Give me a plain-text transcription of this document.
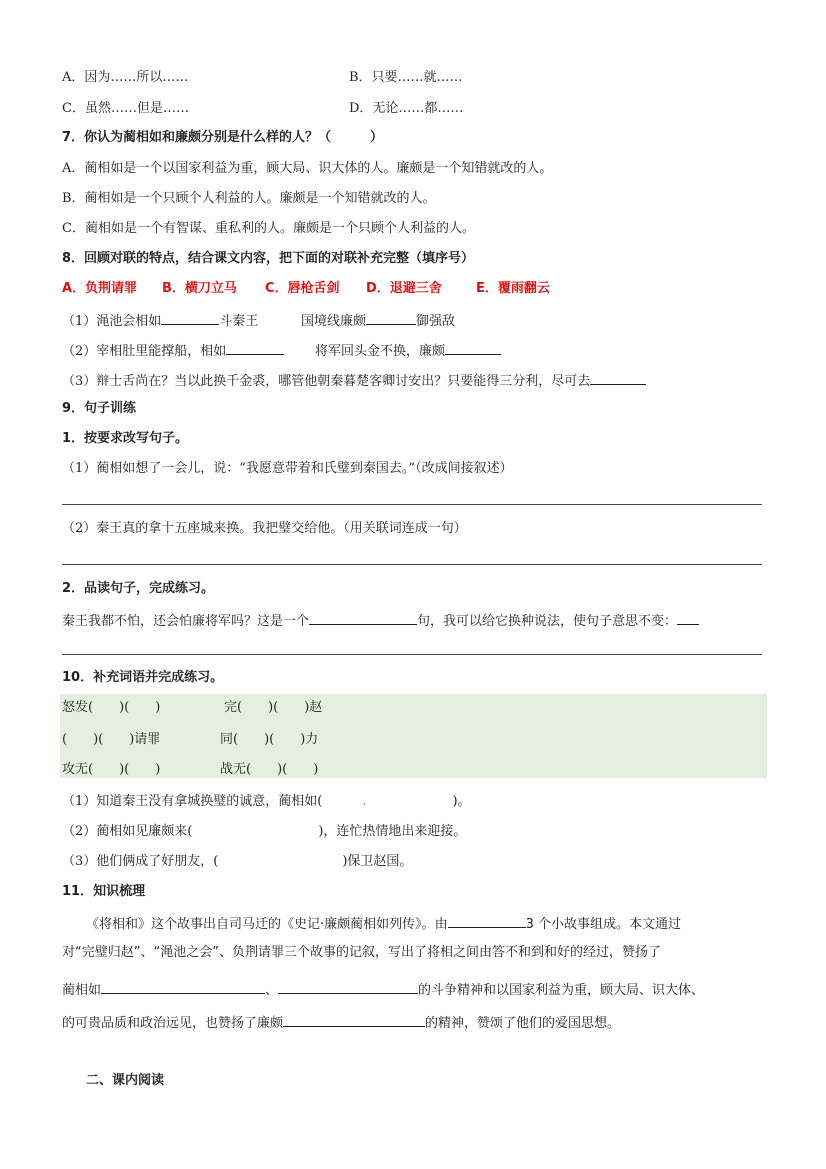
A．因为……所以……	B．只要……就……
C．虽然……但是……	D．无论……都……
7．你认为蔺相如和廉颇分别是什么样的人？（　　　）
A．蔺相如是一个以国家利益为重，顾大局、识大体的人。廉颇是一个知错就改的人。
B．蔺相如是一个只顾个人利益的人。廉颇是一个知错就改的人。
C．蔺相如是一个有智谋、重私利的人。廉颇是一个只顾个人利益的人。
8．回顾对联的特点，结合课文内容，把下面的对联补充完整（填序号）
A．负荆请罪 B．横刀立马 C．唇枪舌剑 D．退避三舍	E．覆雨翻云
（1）渑池会相如	斗秦王	国境线廉颇	御强敌
（2）宰相肚里能撑船，相如	将军回头金不换，廉颇
（3）辩士舌尚在？当以此换千金裘，哪管他朝秦暮楚客卿讨安出？只要能得三分利，尽可去
9．句子训练
1．按要求改写句子。
（1）蔺相如想了一会儿，说：“我愿意带着和氏璧到秦国去。”（改成间接叙述）
（2）秦王真的拿十五座城来换。我把璧交给他。（用关联词连成一句）
2．品读句子，完成练习。
秦王我都不怕，还会怕廉将军吗？这是一个	句，我可以给它换种说法，使句子意思不变：
10．补充词语并完成练习。
怒发(　　)(　　)	完(　　)(　　)赵
(　　)(　　)请罪	同(　　)(　　)力
攻无(　　)(　　)	战无(　　)(　　)
（1）知道秦王没有拿城换璧的诚意，蔺相如(	.	)。
（2）蔺相如见廉颇来(	)，连忙热情地出来迎接。
（3）他们俩成了好朋友，(	)保卫赵国。
11．知识梳理
《将相和》这个故事出自司马迁的《史记·廉颇蔺相如列传》。由	3 个小故事组成。本文通过
对“完璧归赵”、“渑池之会”、负荆请罪三个故事的记叙，写出了将相之间由答不和到和好的经过，赞扬了
蔺相如	、	的斗争精神和以国家利益为重，顾大局、识大体、
的可贵品质和政治远见，也赞扬了廉颇	的精神，赞颂了他们的爱国思想。
二、课内阅读
